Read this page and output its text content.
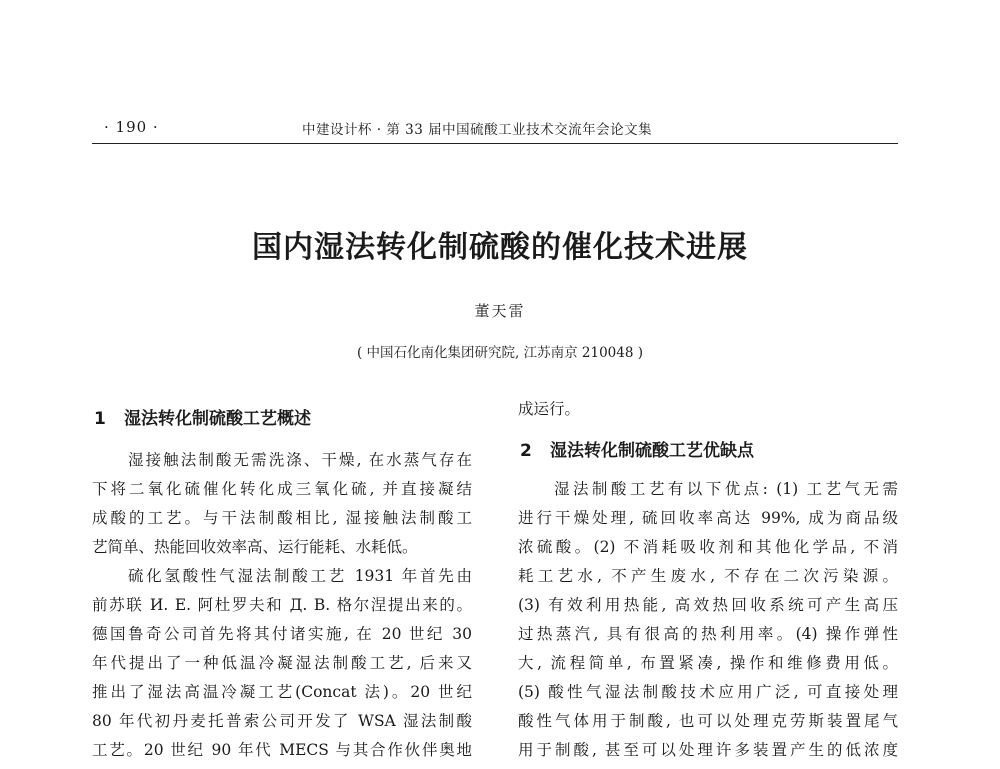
· 190 ·	中建设计杯 · 第 33 届中国硫酸工业技术交流年会论文集
国内湿法转化制硫酸的催化技术进展
董天雷
( 中国石化南化集团研究院, 江苏南京 210048 )
1 湿法转化制硫酸工艺概述
湿接触法制酸无需洗涤、干燥, 在水蒸气存在
下将二氧化硫催化转化成三氧化硫, 并直接凝结
成酸的工艺。与干法制酸相比, 湿接触法制酸工
艺简单、热能回收效率高、运行能耗、水耗低。
硫化氢酸性气湿法制酸工艺 1931 年首先由
前苏联 И. Е. 阿杜罗夫和 Д. В. 格尔涅提出来的。
德国鲁奇公司首先将其付诸实施, 在 20 世纪 30
年代提出了一种低温冷凝湿法制酸工艺, 后来又
推出了湿法高温冷凝工艺(Concat 法)。20 世纪
80 年代初丹麦托普索公司开发了 WSA 湿法制酸
工艺。20 世纪 90 年代 MECS 与其合作伙伴奥地
成运行。
2 湿法转化制硫酸工艺优缺点
湿法制酸工艺有以下优点: (1) 工艺气无需
进行干燥处理, 硫回收率高达 99%, 成为商品级
浓硫酸。(2) 不消耗吸收剂和其他化学品, 不消
耗工艺水, 不产生废水, 不存在二次污染源。
(3) 有效利用热能, 高效热回收系统可产生高压
过热蒸汽, 具有很高的热利用率。(4) 操作弹性
大, 流程简单, 布置紧凑, 操作和维修费用低。
(5) 酸性气湿法制酸技术应用广泛, 可直接处理
酸性气体用于制酸, 也可以处理克劳斯装置尾气
用于制酸, 甚至可以处理许多装置产生的低浓度
